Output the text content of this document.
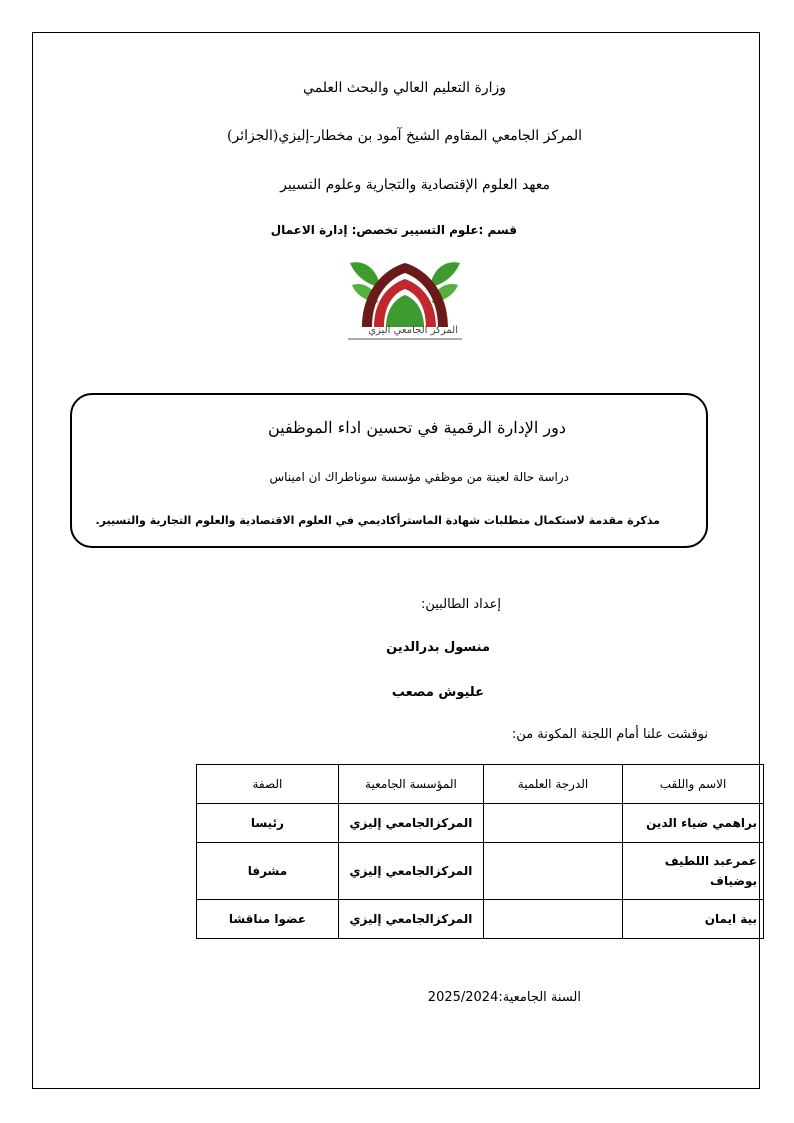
وزارة التعليم العالي والبحث العلمي
المركز الجامعي المقاوم الشيخ آمود بن مخطار-إليزي(الجزائر)
معهد العلوم الإقتصادية والتجارية وعلوم التسيير
قسم :علوم التسيير تخصص: إدارة الاعمال
المركز الجامعي اليزي
دور الإدارة الرقمية في تحسين اداء الموظفين
دراسة حالة لعينة من موظفي مؤسسة سوناطراك ان اميناس
مذكرة مقدمة لاستكمال متطلبات شهادة الماسترأكاديمي في العلوم الاقتصادية والعلوم التجارية والتسيير.
إعداد الطالبين:
منسول بدرالدين
عليوش مصعب
نوقشت علنا أمام اللجنة المكونة من:
الاسم واللقب	الدرجة العلمية	المؤسسة الجامعية	الصفة
براهمي ضياء الدين		المركزالجامعي إليزي	رئيسا
عمرعبد اللطيف بوضياف		المركزالجامعي إليزي	مشرفا
بية ايمان		المركزالجامعي إليزي	عضوا مناقشا
السنة الجامعية:2025/2024
